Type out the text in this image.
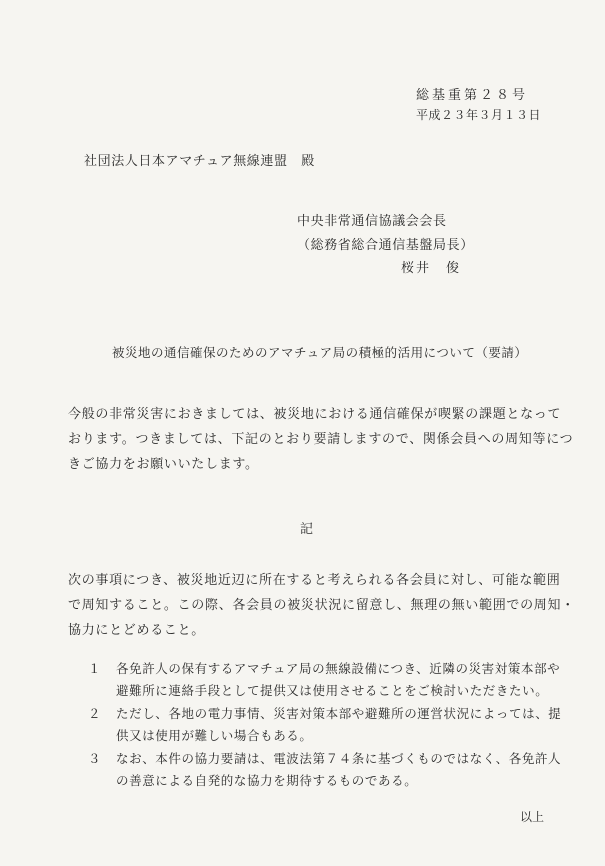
総基重第２８号
平成２３年３月１３日
社団法人日本アマチュア無線連盟　殿
中央非常通信協議会会長
（総務省総合通信基盤局長）
桜井　俊
被災地の通信確保のためのアマチュア局の積極的活用について（要請）
今般の非常災害におきましては、被災地における通信確保が喫緊の課題となって
おります。つきましては、下記のとおり要請しますので、関係会員への周知等につ
きご協力をお願いいたします。
記
次の事項につき、被災地近辺に所在すると考えられる各会員に対し、可能な範囲
で周知すること。この際、各会員の被災状況に留意し、無理の無い範囲での周知・
協力にとどめること。
１ 各免許人の保有するアマチュア局の無線設備につき、近隣の災害対策本部や
避難所に連絡手段として提供又は使用させることをご検討いただきたい。
２ ただし、各地の電力事情、災害対策本部や避難所の運営状況によっては、提
供又は使用が難しい場合もある。
３ なお、本件の協力要請は、電波法第７４条に基づくものではなく、各免許人
の善意による自発的な協力を期待するものである。
以上
